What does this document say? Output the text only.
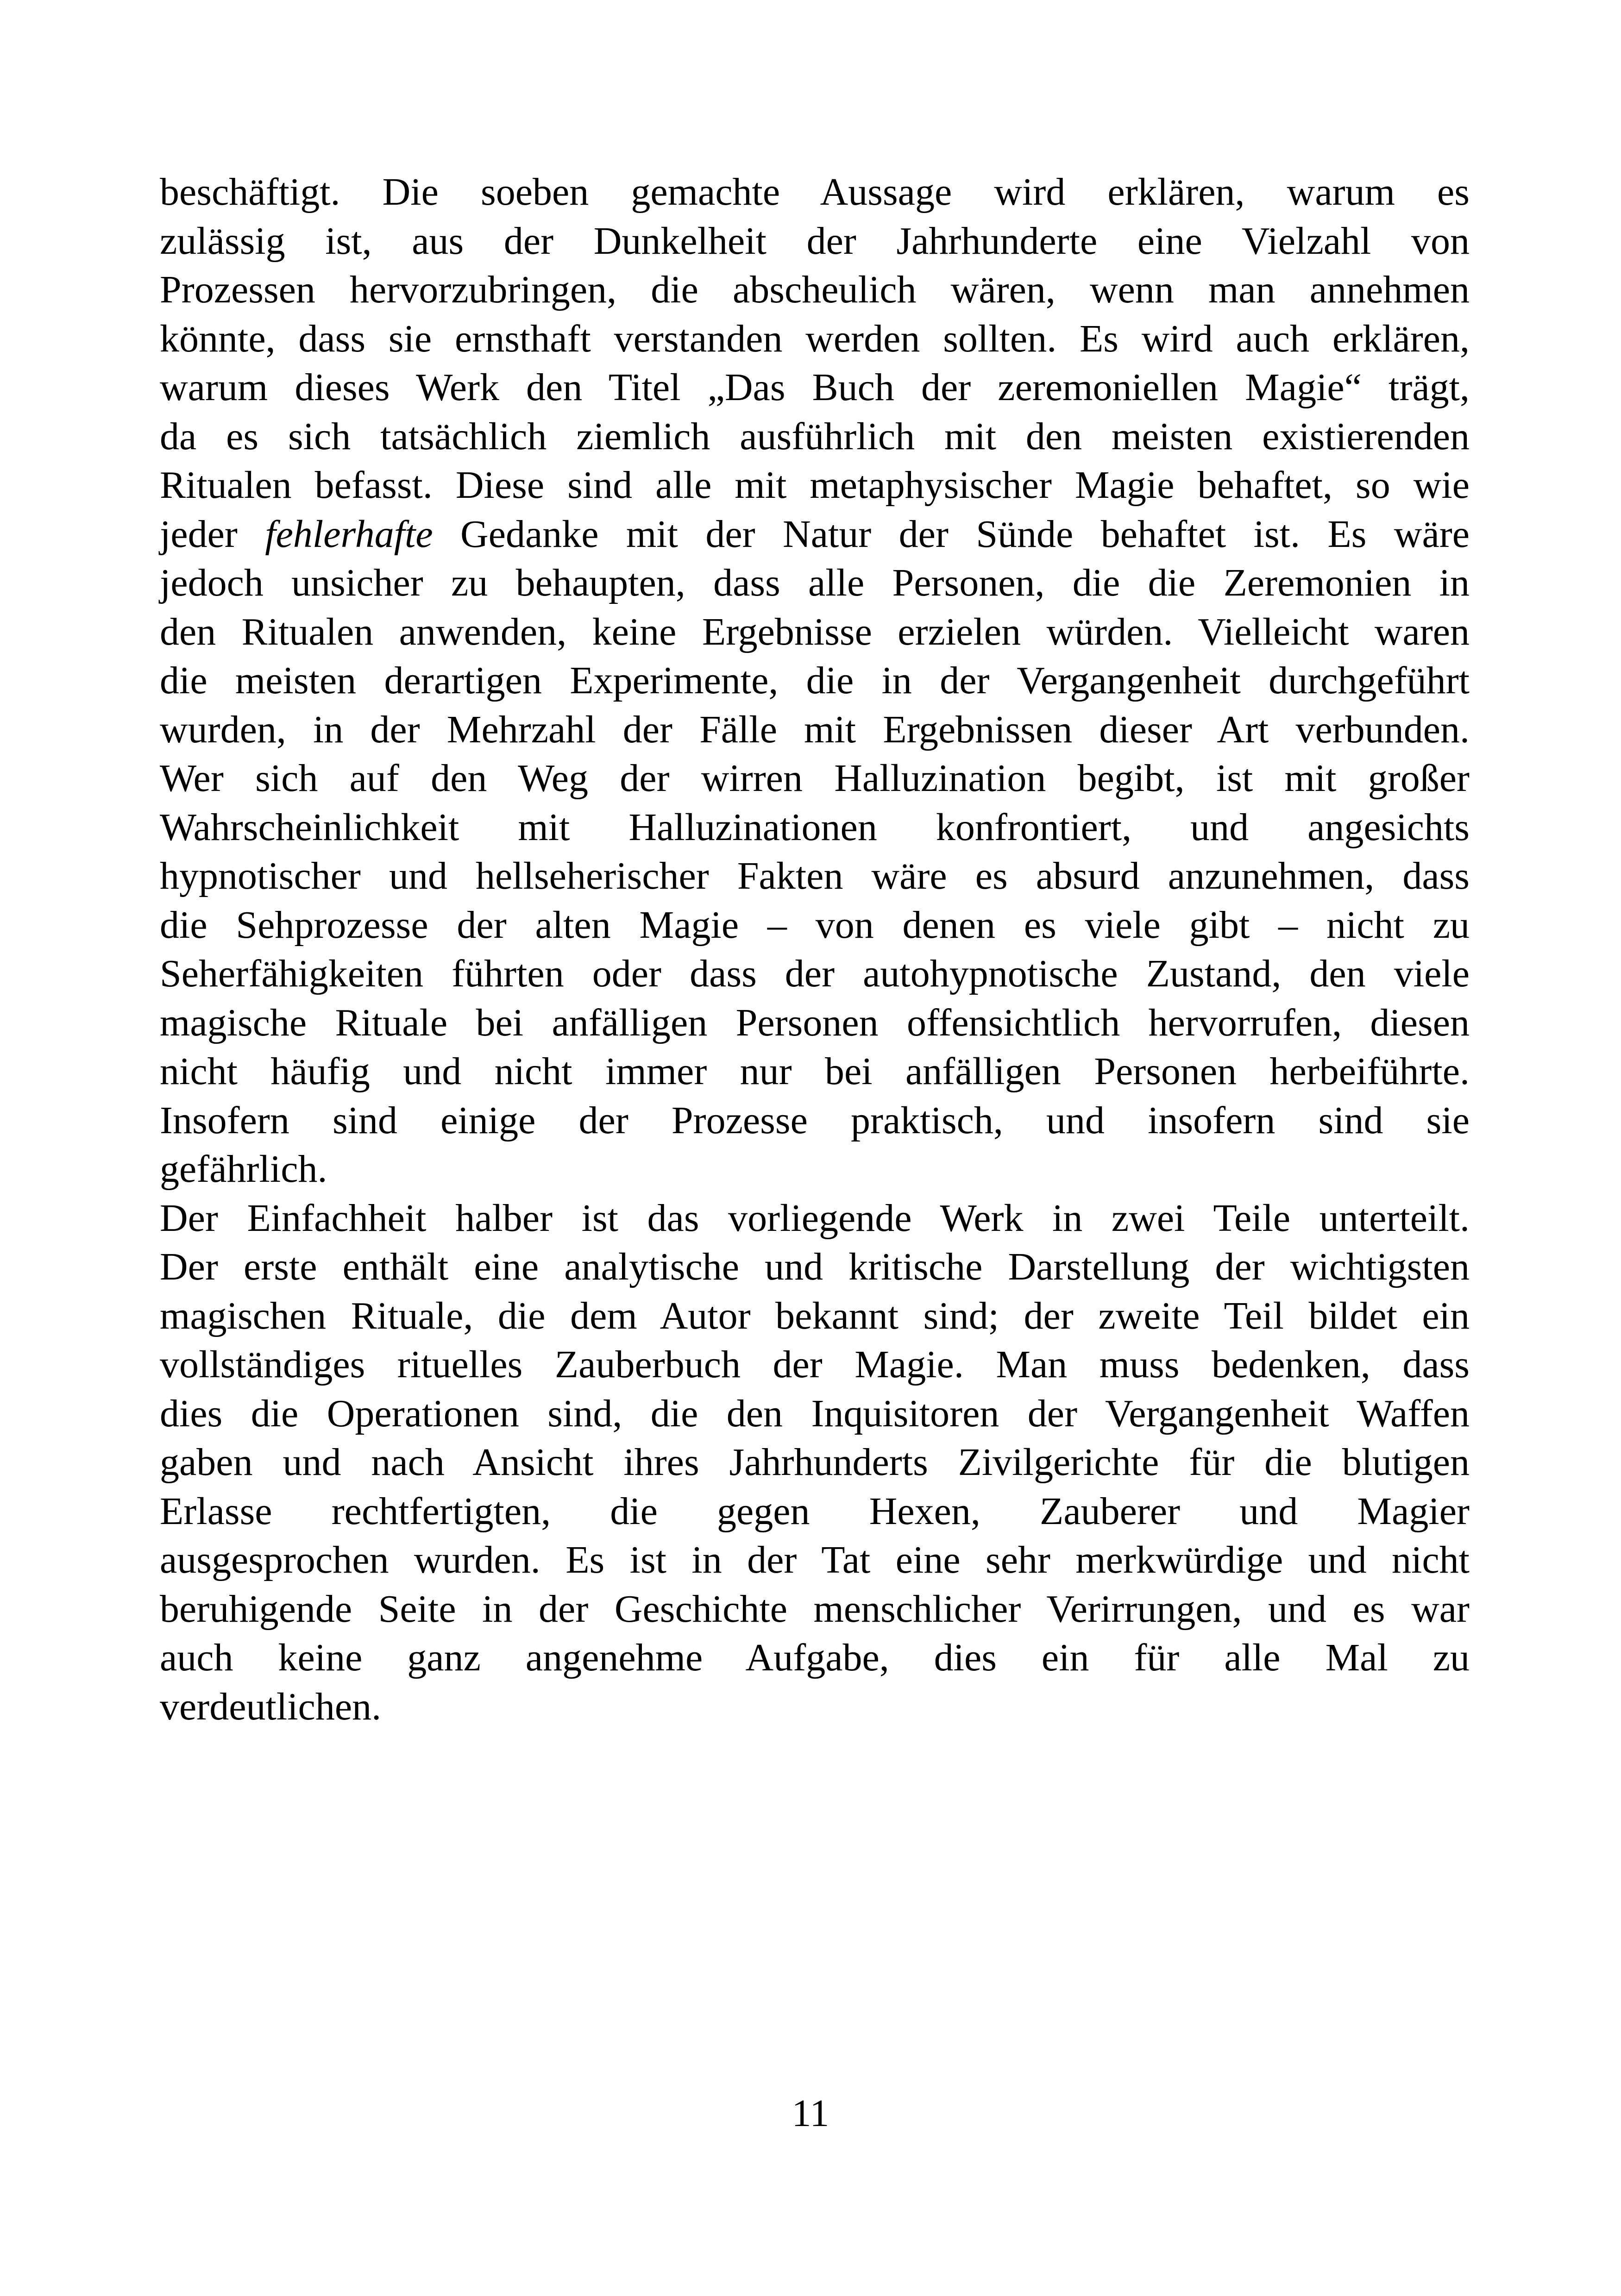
beschäftigt. Die soeben gemachte Aussage wird erklären, warum es
zulässig ist, aus der Dunkelheit der Jahrhunderte eine Vielzahl von
Prozessen hervorzubringen, die abscheulich wären, wenn man annehmen
könnte, dass sie ernsthaft verstanden werden sollten. Es wird auch erklären,
warum dieses Werk den Titel „Das Buch der zeremoniellen Magie“ trägt,
da es sich tatsächlich ziemlich ausführlich mit den meisten existierenden
Ritualen befasst. Diese sind alle mit metaphysischer Magie behaftet, so wie
jeder fehlerhafte Gedanke mit der Natur der Sünde behaftet ist. Es wäre
jedoch unsicher zu behaupten, dass alle Personen, die die Zeremonien in
den Ritualen anwenden, keine Ergebnisse erzielen würden. Vielleicht waren
die meisten derartigen Experimente, die in der Vergangenheit durchgeführt
wurden, in der Mehrzahl der Fälle mit Ergebnissen dieser Art verbunden.
Wer sich auf den Weg der wirren Halluzination begibt, ist mit großer
Wahrscheinlichkeit mit Halluzinationen konfrontiert, und angesichts
hypnotischer und hellseherischer Fakten wäre es absurd anzunehmen, dass
die Sehprozesse der alten Magie – von denen es viele gibt – nicht zu
Seherfähigkeiten führten oder dass der autohypnotische Zustand, den viele
magische Rituale bei anfälligen Personen offensichtlich hervorrufen, diesen
nicht häufig und nicht immer nur bei anfälligen Personen herbeiführte.
Insofern sind einige der Prozesse praktisch, und insofern sind sie
gefährlich.
Der Einfachheit halber ist das vorliegende Werk in zwei Teile unterteilt.
Der erste enthält eine analytische und kritische Darstellung der wichtigsten
magischen Rituale, die dem Autor bekannt sind; der zweite Teil bildet ein
vollständiges rituelles Zauberbuch der Magie. Man muss bedenken, dass
dies die Operationen sind, die den Inquisitoren der Vergangenheit Waffen
gaben und nach Ansicht ihres Jahrhunderts Zivilgerichte für die blutigen
Erlasse rechtfertigten, die gegen Hexen, Zauberer und Magier
ausgesprochen wurden. Es ist in der Tat eine sehr merkwürdige und nicht
beruhigende Seite in der Geschichte menschlicher Verirrungen, und es war
auch keine ganz angenehme Aufgabe, dies ein für alle Mal zu
verdeutlichen.
11
